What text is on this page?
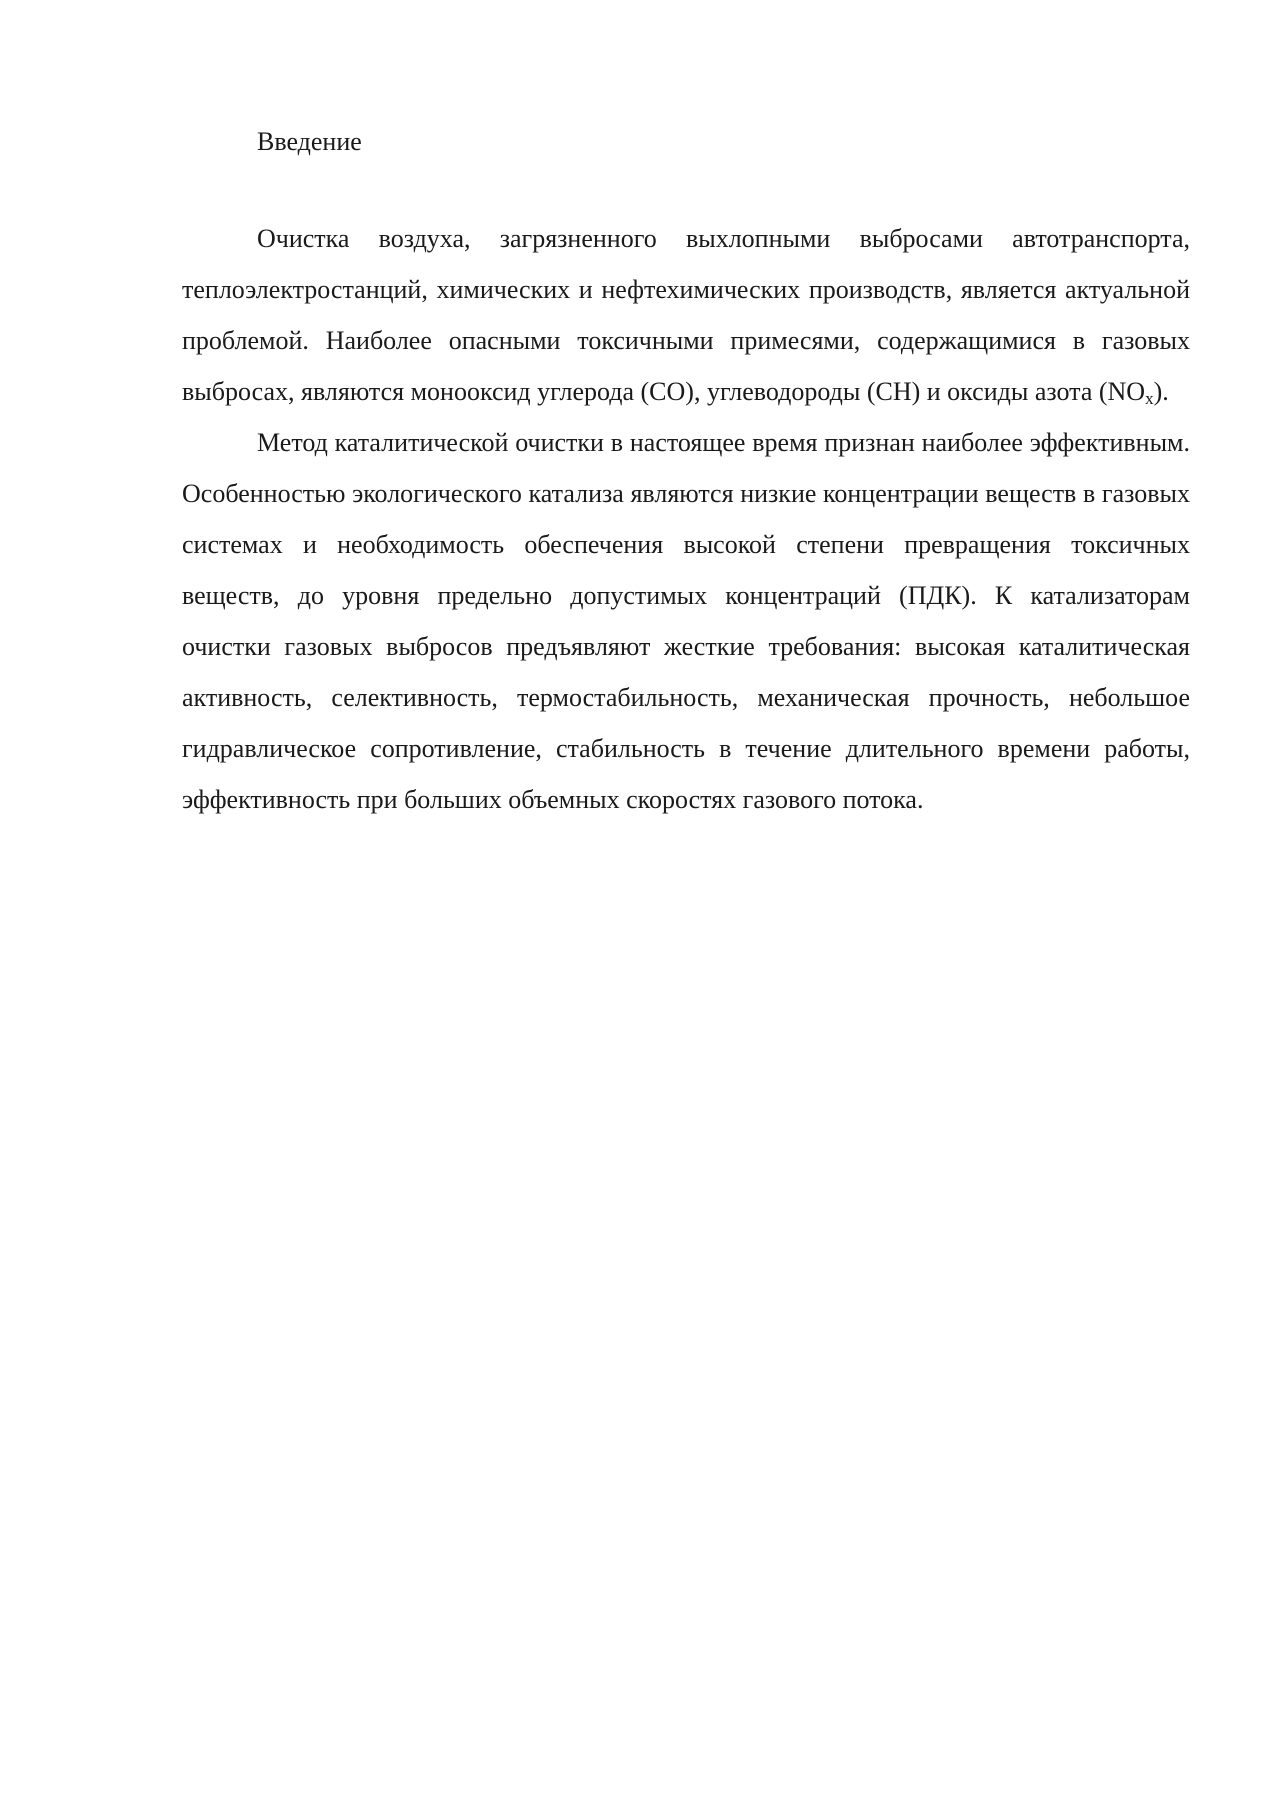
Введение

Очистка воздуха, загрязненного выхлопными выбросами автотранспорта, теплоэлектростанций, химических и нефтехимических производств, является актуальной проблемой. Наиболее опасными токсичными примесями, содержащимися в газовых выбросах, являются монооксид углерода (CO), углеводороды (CH) и оксиды азота $(NO_x)$.

Метод каталитической очистки в настоящее время признан наиболее эффективным. Особенностью экологического катализа являются низкие концентрации веществ в газовых системах и необходимость обеспечения высокой степени превращения токсичных веществ, до уровня предельно допустимых концентраций (ПДК). К катализаторам очистки газовых выбросов предъявляют жесткие требования: высокая каталитическая активность, селективность, термостабильность, механическая прочность, небольшое гидравлическое сопротивление, стабильность в течение длительного времени работы, эффективность при больших объемных скоростях газового потока.
